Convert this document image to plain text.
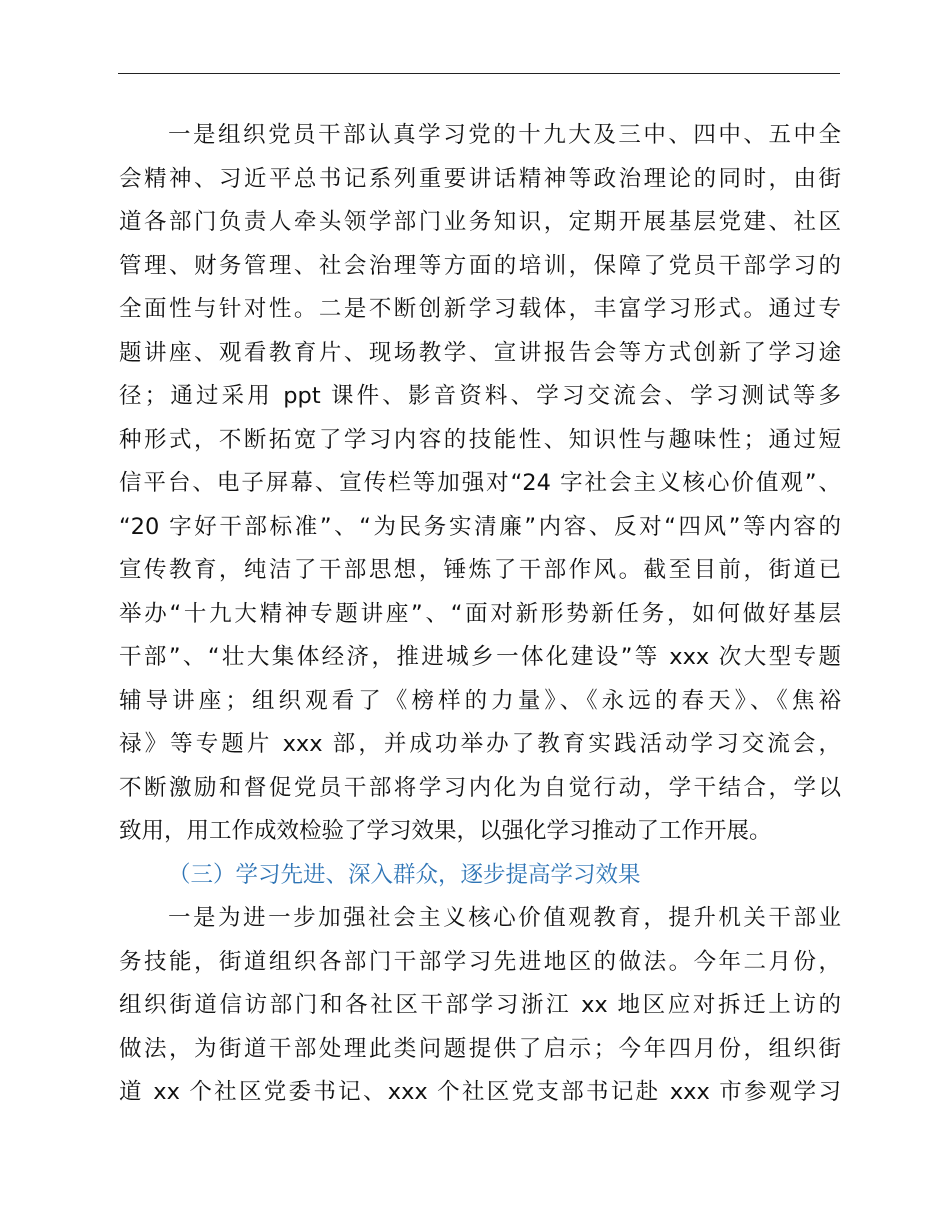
一是组织党员干部认真学习党的十九大及三中、四中、五中全
会精神、习近平总书记系列重要讲话精神等政治理论的同时，由街
道各部门负责人牵头领学部门业务知识，定期开展基层党建、社区
管理、财务管理、社会治理等方面的培训，保障了党员干部学习的
全面性与针对性。二是不断创新学习载体，丰富学习形式。通过专
题讲座、观看教育片、现场教学、宣讲报告会等方式创新了学习途
径；通过采用 ppt 课件、影音资料、学习交流会、学习测试等多
种形式，不断拓宽了学习内容的技能性、知识性与趣味性；通过短
信平台、电子屏幕、宣传栏等加强对“24 字社会主义核心价值观”、
“20 字好干部标准”、“为民务实清廉”内容、反对“四风”等内容的
宣传教育，纯洁了干部思想，锤炼了干部作风。截至目前，街道已
举办“十九大精神专题讲座”、“面对新形势新任务，如何做好基层
干部”、“壮大集体经济，推进城乡一体化建设”等 xxx 次大型专题
辅导讲座；组织观看了《榜样的力量》、《永远的春天》、《焦裕
禄》等专题片 xxx 部，并成功举办了教育实践活动学习交流会，
不断激励和督促党员干部将学习内化为自觉行动，学干结合，学以
致用，用工作成效检验了学习效果，以强化学习推动了工作开展。
（三）学习先进、深入群众，逐步提高学习效果
一是为进一步加强社会主义核心价值观教育，提升机关干部业
务技能，街道组织各部门干部学习先进地区的做法。今年二月份，
组织街道信访部门和各社区干部学习浙江 xx 地区应对拆迁上访的
做法，为街道干部处理此类问题提供了启示；今年四月份，组织街
道 xx 个社区党委书记、xxx 个社区党支部书记赴 xxx 市参观学习
